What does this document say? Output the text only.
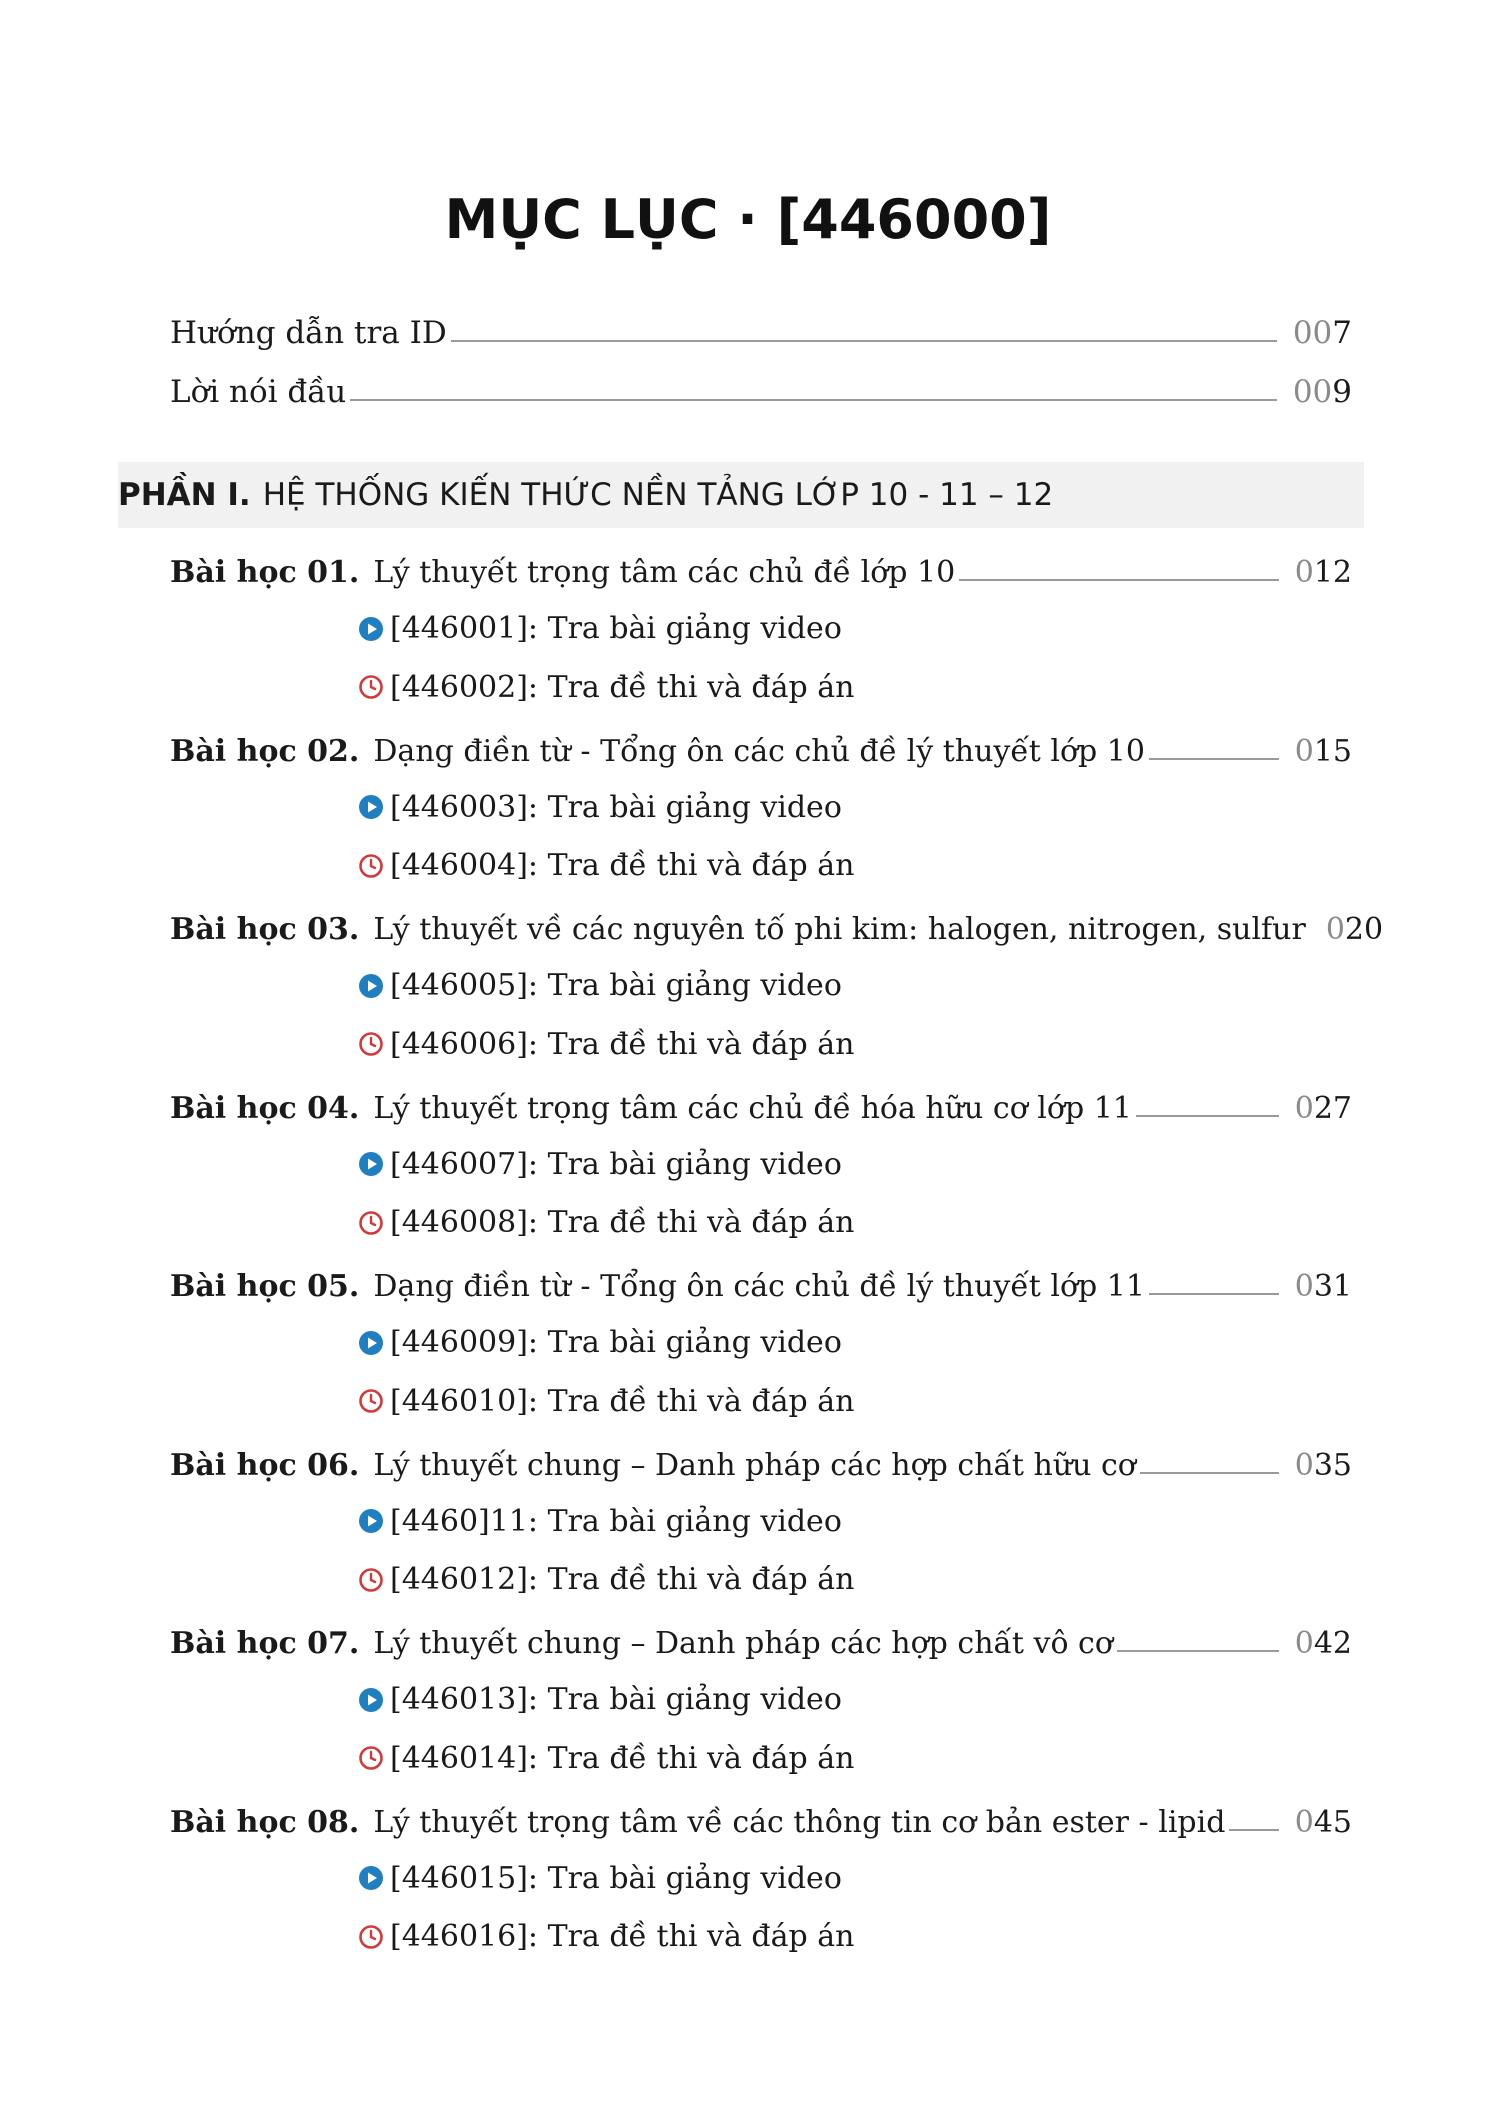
MỤC LỤC · [446000]
Hướng dẫn tra ID	007
Lời nói đầu	009
PHẦN I. HỆ THỐNG KIẾN THỨC NỀN TẢNG LỚP 10 - 11 – 12
Bài học 01. Lý thuyết trọng tâm các chủ đề lớp 10	012
[446001]: Tra bài giảng video
[446002]: Tra đề thi và đáp án
Bài học 02. Dạng điền từ - Tổng ôn các chủ đề lý thuyết lớp 10	015
[446003]: Tra bài giảng video
[446004]: Tra đề thi và đáp án
Bài học 03. Lý thuyết về các nguyên tố phi kim: halogen, nitrogen, sulfur 020
[446005]: Tra bài giảng video
[446006]: Tra đề thi và đáp án
Bài học 04. Lý thuyết trọng tâm các chủ đề hóa hữu cơ lớp 11	027
[446007]: Tra bài giảng video
[446008]: Tra đề thi và đáp án
Bài học 05. Dạng điền từ - Tổng ôn các chủ đề lý thuyết lớp 11	031
[446009]: Tra bài giảng video
[446010]: Tra đề thi và đáp án
Bài học 06. Lý thuyết chung – Danh pháp các hợp chất hữu cơ	035
[4460]11: Tra bài giảng video
[446012]: Tra đề thi và đáp án
Bài học 07. Lý thuyết chung – Danh pháp các hợp chất vô cơ	042
[446013]: Tra bài giảng video
[446014]: Tra đề thi và đáp án
Bài học 08. Lý thuyết trọng tâm về các thông tin cơ bản ester - lipid 045
[446015]: Tra bài giảng video
[446016]: Tra đề thi và đáp án
